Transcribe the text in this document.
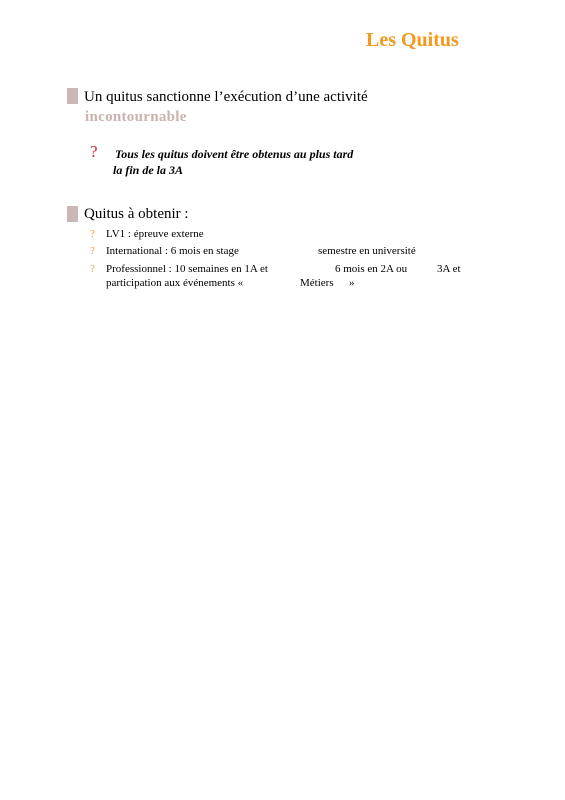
Les Quitus
Un quitus sanctionne l’exécution d’une activité
incontournable
? Tous les quitus doivent être obtenus au plus tard
la fin de la 3A
Quitus à obtenir :
? LV1 : épreuve externe
? International : 6 mois en stage	semestre en université
? Professionnel : 10 semaines en 1A et	6 mois en 2A ou	3A et
participation aux événements «	Métiers »
